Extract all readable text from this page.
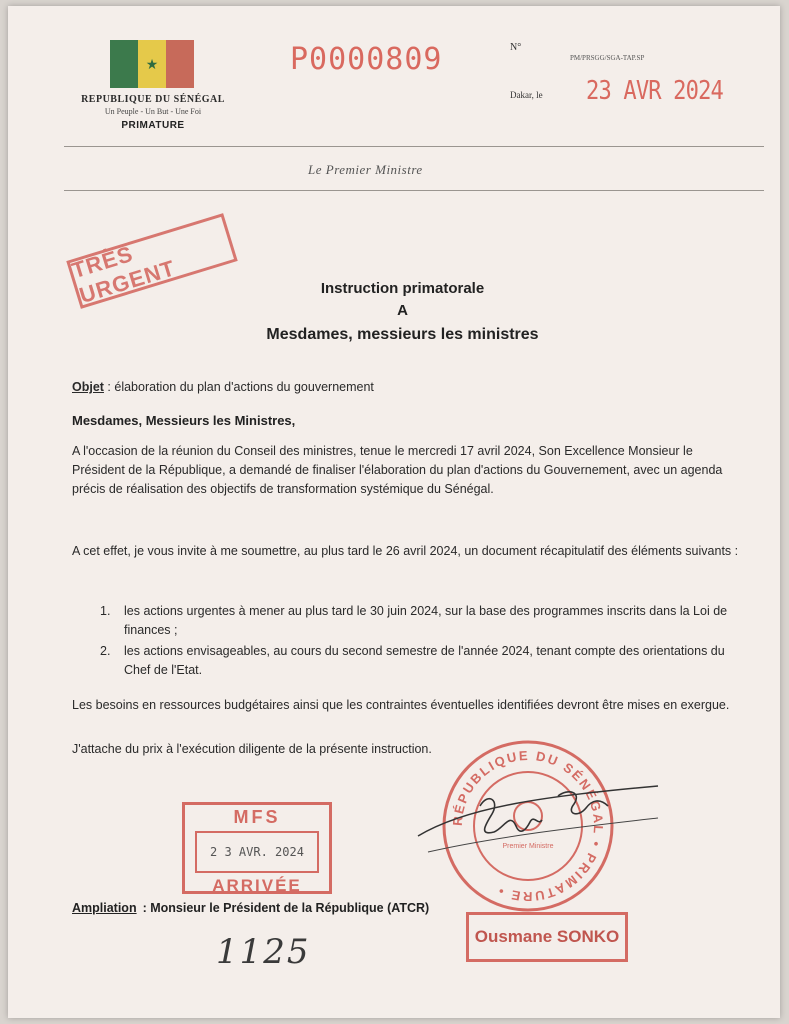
★
REPUBLIQUE DU SÉNÉGAL
Un Peuple - Un But - Une Foi
PRIMATURE
P0000809	N°
PM/PRSGG/SGA-TAP.SP
Dakar, le 23 AVR 2024
Le Premier Ministre
TRÈS URGENT	Instruction primatorale
A
Mesdames, messieurs les ministres
Objet : élaboration du plan d'actions du gouvernement
Mesdames, Messieurs les Ministres,
A l'occasion de la réunion du Conseil des ministres, tenue le mercredi 17 avril 2024, Son Excellence Monsieur le Président de la République, a demandé de finaliser l'élaboration du plan d'actions du Gouvernement, avec un agenda précis de réalisation des objectifs de transformation systémique du Sénégal.
A cet effet, je vous invite à me soumettre, au plus tard le 26 avril 2024, un document récapitulatif des éléments suivants :
1. les actions urgentes à mener au plus tard le 30 juin 2024, sur la base des programmes inscrits dans la Loi de finances ;
2. les actions envisageables, au cours du second semestre de l'année 2024, tenant compte des orientations du Chef de l'Etat.
Les besoins en ressources budgétaires ainsi que les contraintes éventuelles identifiées devront être mises en exergue.
J'attache du prix à l'exécution diligente de la présente instruction.
MFS
2 3 AVR. 2024
ARRIVÉE
RÉPUBLIQUE DU SÉNÉGAL • PRIMATURE •
Premier Ministre
Ampliation : Monsieur le Président de la République (ATCR)
Ousmane SONKO
1125
